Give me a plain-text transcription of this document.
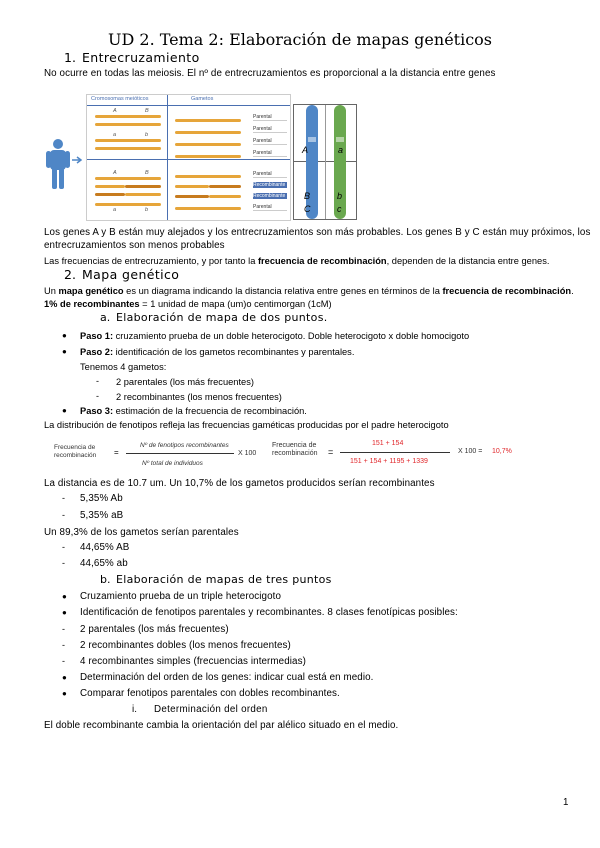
UD 2. Tema 2: Elaboración de mapas genéticos
1. Entrecruzamiento
No ocurre en todas las meiosis. El nº de entrecruzamientos es proporcional a la distancia entre genes
Cromosomas meióticos	Gametos
A	B
a	b
A	B
a	b
Parental
Parental
Parental
Parental
Parental
Recombinante
Recombinante
Parental
A	a
B	b
C	c
Los genes A y B están muy alejados y los entrecruzamientos son más probables. Los genes B y C están muy próximos, los
entrecruzamientos son menos probables
Las frecuencias de entrecruzamiento, y por tanto la frecuencia de recombinación, dependen de la distancia entre genes.
2. Mapa genético
Un mapa genético es un diagrama indicando la distancia relativa entre genes en términos de la frecuencia de recombinación.
1% de recombinantes = 1 unidad de mapa (um)o centimorgan (1cM)
a. Elaboración de mapa de dos puntos.
● Paso 1: cruzamiento prueba de un doble heterocigoto. Doble heterocigoto x doble homocigoto
● Paso 2: identificación de los gametos recombinantes y parentales.
Tenemos 4 gametos:
- 2 parentales (los más frecuentes)
- 2 recombinantes (los menos frecuentes)
● Paso 3: estimación de la frecuencia de recombinación.
La distribución de fenotipos refleja las frecuencias gaméticas producidas por el padre heterocigoto
Frecuencia de
recombinación =
Nº de fenotipos recombinantes
Nº total de individuos
X 100
Frecuencia de
recombinación =
151 + 154
151 + 154 + 1195 + 1339
X 100 = 10,7%
La distancia es de 10.7 um. Un 10,7% de los gametos producidos serían recombinantes
- 5,35% Ab
- 5,35% aB
Un 89,3% de los gametos serían parentales
- 44,65% AB
- 44,65% ab
b. Elaboración de mapas de tres puntos
● Cruzamiento prueba de un triple heterocigoto
● Identificación de fenotipos parentales y recombinantes. 8 clases fenotípicas posibles:
- 2 parentales (los más frecuentes)
- 2 recombinantes dobles (los menos frecuentes)
- 4 recombinantes simples (frecuencias intermedias)
● Determinación del orden de los genes: indicar cual está en medio.
● Comparar fenotipos parentales con dobles recombinantes.
i. Determinación del orden
El doble recombinante cambia la orientación del par alélico situado en el medio.
1
